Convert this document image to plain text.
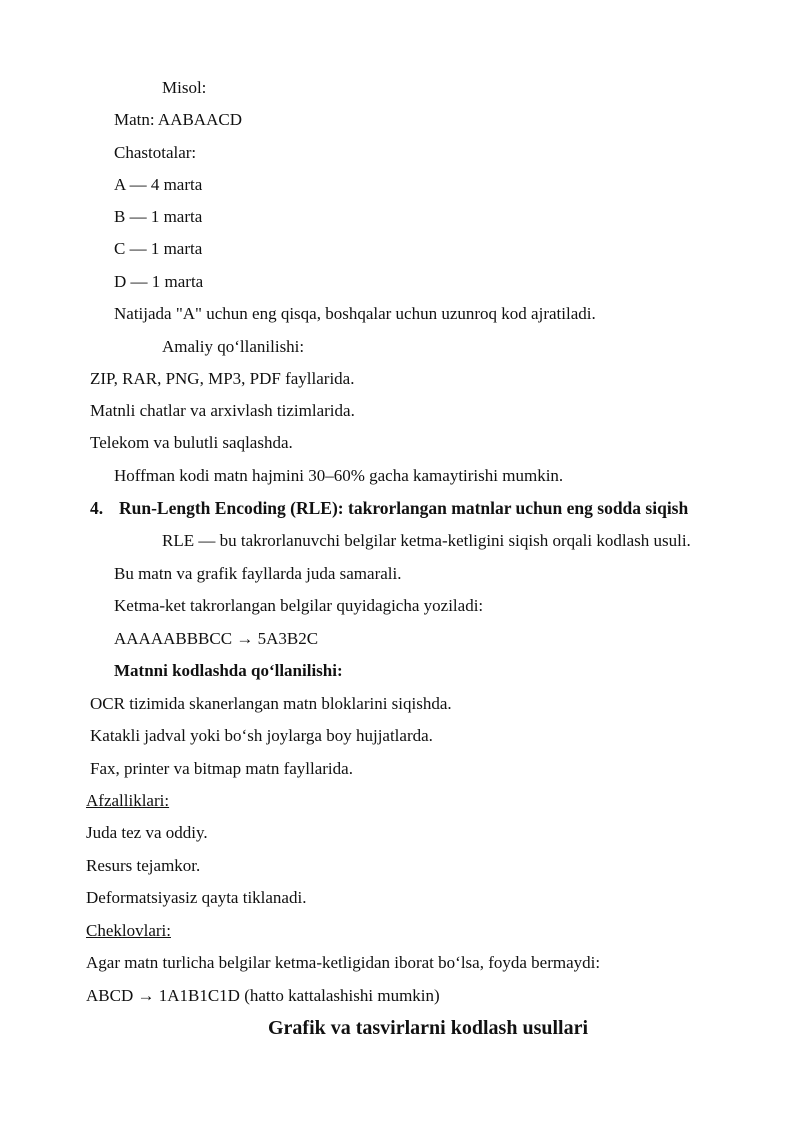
Misol:
Matn: AABAACD
Chastotalar:
A — 4 marta
B — 1 marta
C — 1 marta
D — 1 marta
Natijada "A" uchun eng qisqa, boshqalar uchun uzunroq kod ajratiladi.
Amaliy qo‘llanilishi:
ZIP, RAR, PNG, MP3, PDF fayllarida.
Matnli chatlar va arxivlash tizimlarida.
Telekom va bulutli saqlashda.
Hoffman kodi matn hajmini 30–60% gacha kamaytirishi mumkin.
4. Run-Length Encoding (RLE): takrorlangan matnlar uchun eng sodda siqish
RLE — bu takrorlanuvchi belgilar ketma-ketligini siqish orqali kodlash usuli.
Bu matn va grafik fayllarda juda samarali.
Ketma-ket takrorlangan belgilar quyidagicha yoziladi:
AAAAABBBCC → 5A3B2C
Matnni kodlashda qo‘llanilishi:
OCR tizimida skanerlangan matn bloklarini siqishda.
Katakli jadval yoki bo‘sh joylarga boy hujjatlarda.
Fax, printer va bitmap matn fayllarida.
Afzalliklari:
Juda tez va oddiy.
Resurs tejamkor.
Deformatsiyasiz qayta tiklanadi.
Cheklovlari:
Agar matn turlicha belgilar ketma-ketligidan iborat bo‘lsa, foyda bermaydi:
ABCD → 1A1B1C1D (hatto kattalashishi mumkin)
Grafik va tasvirlarni kodlash usullari
